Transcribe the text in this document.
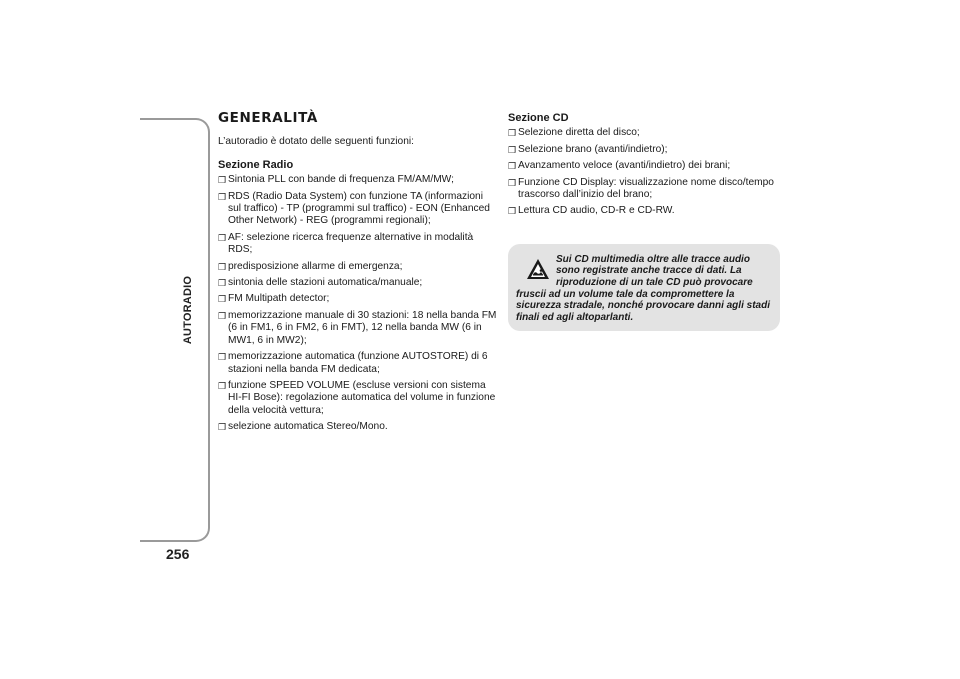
AUTORADIO
256
GENERALITÀ

L’autoradio è dotato delle seguenti funzioni:

Sezione Radio

❒ Sintonia PLL con bande di frequenza FM/AM/MW;
❒ RDS (Radio Data System) con funzione TA (informazioni sul traffico) - TP (programmi sul traffico) - EON (Enhanced Other Network) - REG (programmi regionali);
❒ AF: selezione ricerca frequenze alternative in modalità RDS;
❒ predisposizione allarme di emergenza;
❒ sintonia delle stazioni automatica/manuale;
❒ FM Multipath detector;
❒ memorizzazione manuale di 30 stazioni: 18 nella banda FM (6 in FM1, 6 in FM2, 6 in FMT), 12 nella banda MW (6 in MW1, 6 in MW2);
❒ memorizzazione automatica (funzione AUTOSTORE) di 6 stazioni nella banda FM dedicata;
❒ funzione SPEED VOLUME (escluse versioni con sistema HI-FI Bose): regolazione automatica del volume in funzione della velocità vettura;
❒ selezione automatica Stereo/Mono.

Sezione CD

❒ Selezione diretta del disco;
❒ Selezione brano (avanti/indietro);
❒ Avanzamento veloce (avanti/indietro) dei brani;
❒ Funzione CD Display: visualizzazione nome disco/tempo trascorso dall’inizio del brano;
❒ Lettura CD audio, CD-R e CD-RW.
Sui CD multimedia oltre alle tracce audio sono registrate anche tracce di dati. La riproduzione di un tale CD può provocare fruscii ad un volume tale da compromettere la sicurezza stradale, nonché provocare danni agli stadi finali ed agli altoparlanti.
